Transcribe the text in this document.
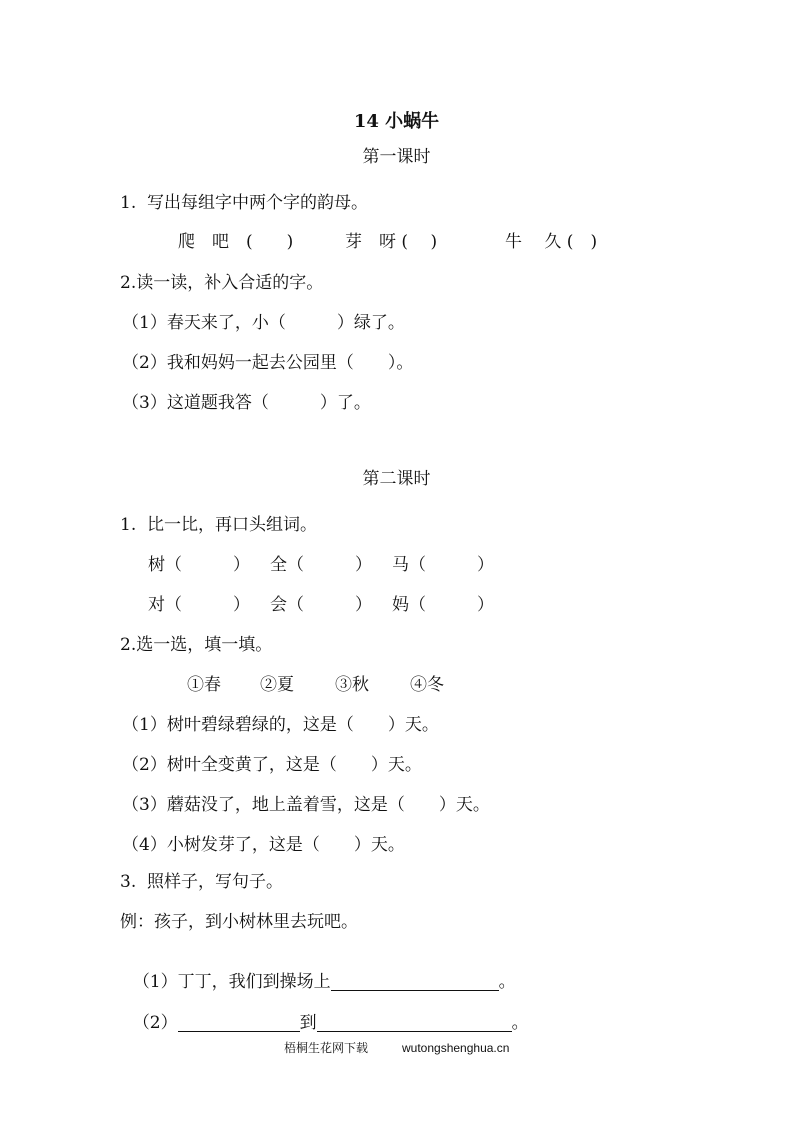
14 小蜗牛
第一课时
1.  写出每组字中两个字的韵母。
爬　吧　(　　)	芽　呀 (　 )	牛　 久 (　)
2.读一读，补入合适的字。
（1）春天来了，小（　　　）绿了。
（2）我和妈妈一起去公园里（　　）。
（3）这道题我答（　　　）了。
第二课时
1.  比一比，再口头组词。
树（　　　） 全（　　　） 马（　　　）
对（　　　） 会（　　　） 妈（　　　）
2.选一选，填一填。
①春 ②夏 ③秋 ④冬
（1）树叶碧绿碧绿的，这是（　　）天。
（2）树叶全变黄了，这是（　　）天。
（3）蘑菇没了，地上盖着雪，这是（　　）天。
（4）小树发芽了，这是（　　）天。
3.  照样子，写句子。
例：孩子，到小树林里去玩吧。

（1）丁丁，我们到操场上	。

（2）	到	。

梧桐生花网下载	wutongshenghua.cn
